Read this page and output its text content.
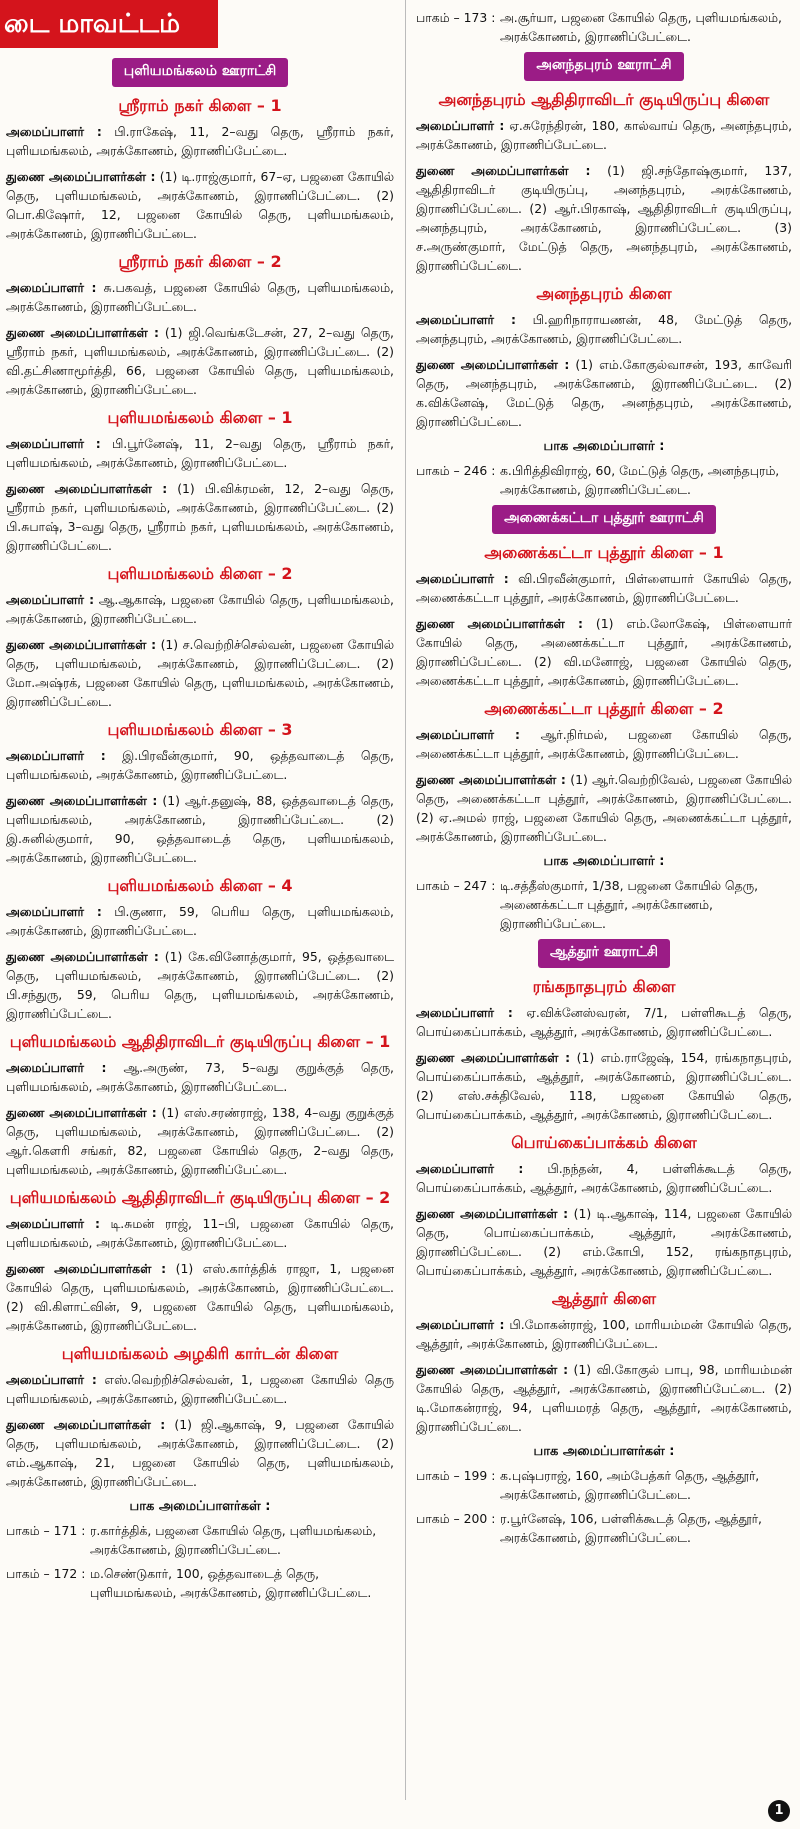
டை மாவட்டம்
புளியமங்கலம் ஊராட்சி
ஸ்ரீராம் நகர் கிளை – 1

அமைப்பாளர் : பி.ராகேஷ், 11, 2–வது தெரு, ஸ்ரீராம் நகர், புளியமங்கலம், அரக்கோணம், இராணிப்பேட்டை.

துணை அமைப்பாளர்கள் : (1) டி.ராஜ்குமார், 67–ஏ, பஜனை கோயில் தெரு, புளியமங்கலம், அரக்கோணம், இராணிப்பேட்டை. (2) பொ.கிஷோர், 12, பஜனை கோயில் தெரு, புளியமங்கலம், அரக்கோணம், இராணிப்பேட்டை.

ஸ்ரீராம் நகர் கிளை – 2

அமைப்பாளர் : சு.பகவத், பஜனை கோயில் தெரு, புளியமங்கலம், அரக்கோணம், இராணிப்பேட்டை.

துணை அமைப்பாளர்கள் : (1) ஜி.வெங்கடேசன், 27, 2–வது தெரு, ஸ்ரீராம் நகர், புளியமங்கலம், அரக்கோணம், இராணிப்பேட்டை. (2) வி.தட்சிணாமூர்த்தி, 66, பஜனை கோயில் தெரு, புளியமங்கலம், அரக்கோணம், இராணிப்பேட்டை.

புளியமங்கலம் கிளை – 1

அமைப்பாளர் : பி.பூர்னேஷ், 11, 2–வது தெரு, ஸ்ரீராம் நகர், புளியமங்கலம், அரக்கோணம், இராணிப்பேட்டை.

துணை அமைப்பாளர்கள் : (1) பி.விக்ரமன், 12, 2–வது தெரு, ஸ்ரீராம் நகர், புளியமங்கலம், அரக்கோணம், இராணிப்பேட்டை. (2) பி.சுபாஷ், 3–வது தெரு, ஸ்ரீராம் நகர், புளியமங்கலம், அரக்கோணம், இராணிப்பேட்டை.

புளியமங்கலம் கிளை – 2

அமைப்பாளர் : ஆ.ஆகாஷ், பஜனை கோயில் தெரு, புளியமங்கலம், அரக்கோணம், இராணிப்பேட்டை.

துணை அமைப்பாளர்கள் : (1) ச.வெற்றிச்செல்வன், பஜனை கோயில் தெரு, புளியமங்கலம், அரக்கோணம், இராணிப்பேட்டை. (2) மோ.அஷ்ரக், பஜனை கோயில் தெரு, புளியமங்கலம், அரக்கோணம், இராணிப்பேட்டை.

புளியமங்கலம் கிளை – 3

அமைப்பாளர் : இ.பிரவீன்குமார், 90, ஒத்தவாடைத் தெரு, புளியமங்கலம், அரக்கோணம், இராணிப்பேட்டை.

துணை அமைப்பாளர்கள் : (1) ஆர்.தனுஷ், 88, ஒத்தவாடைத் தெரு, புளியமங்கலம், அரக்கோணம், இராணிப்பேட்டை. (2) இ.சுனில்குமார், 90, ஒத்தவாடைத் தெரு, புளியமங்கலம், அரக்கோணம், இராணிப்பேட்டை.

புளியமங்கலம் கிளை – 4

அமைப்பாளர் : பி.குணா, 59, பெரிய தெரு, புளியமங்கலம், அரக்கோணம், இராணிப்பேட்டை.

துணை அமைப்பாளர்கள் : (1) கே.வினோத்குமார், 95, ஒத்தவாடை தெரு, புளியமங்கலம், அரக்கோணம், இராணிப்பேட்டை. (2) பி.சந்துரு, 59, பெரிய தெரு, புளியமங்கலம், அரக்கோணம், இராணிப்பேட்டை.

புளியமங்கலம் ஆதிதிராவிடர் குடியிருப்பு கிளை – 1

அமைப்பாளர் : ஆ.அருண், 73, 5–வது குறுக்குத் தெரு, புளியமங்கலம், அரக்கோணம், இராணிப்பேட்டை.

துணை அமைப்பாளர்கள் : (1) எஸ்.சரண்ராஜ், 138, 4–வது குறுக்குத் தெரு, புளியமங்கலம், அரக்கோணம், இராணிப்பேட்டை. (2) ஆர்.கௌரி சங்கர், 82, பஜனை கோயில் தெரு, 2–வது தெரு, புளியமங்கலம், அரக்கோணம், இராணிப்பேட்டை.

புளியமங்கலம் ஆதிதிராவிடர் குடியிருப்பு கிளை – 2

அமைப்பாளர் : டி.சுமன் ராஜ், 11–பி, பஜனை கோயில் தெரு, புளியமங்கலம், அரக்கோணம், இராணிப்பேட்டை.

துணை அமைப்பாளர்கள் : (1) எஸ்.கார்த்திக் ராஜா, 1, பஜனை கோயில் தெரு, புளியமங்கலம், அரக்கோணம், இராணிப்பேட்டை. (2) வி.கிளாட்வின், 9, பஜனை கோயில் தெரு, புளியமங்கலம், அரக்கோணம், இராணிப்பேட்டை.

புளியமங்கலம் அழகிரி கார்டன் கிளை

அமைப்பாளர் : எஸ்.வெற்றிச்செல்வன், 1, பஜனை கோயில் தெரு புளியமங்கலம், அரக்கோணம், இராணிப்பேட்டை.

துணை அமைப்பாளர்கள் : (1) ஜி.ஆகாஷ், 9, பஜனை கோயில் தெரு, புளியமங்கலம், அரக்கோணம், இராணிப்பேட்டை. (2) எம்.ஆகாஷ், 21, பஜனை கோயில் தெரு, புளியமங்கலம், அரக்கோணம், இராணிப்பேட்டை.

பாக அமைப்பாளர்கள் :
பாகம் – 171 : ர.கார்த்திக், பஜனை கோயில் தெரு, புளியமங்கலம், அரக்கோணம், இராணிப்பேட்டை.
பாகம் – 172 : ம.செண்டுகார், 100, ஒத்தவாடைத் தெரு, புளியமங்கலம், அரக்கோணம், இராணிப்பேட்டை.
பாகம் – 173 : அ.சூர்யா, பஜனை கோயில் தெரு, புளியமங்கலம், அரக்கோணம், இராணிப்பேட்டை.
அனந்தபுரம் ஊராட்சி
அனந்தபுரம் ஆதிதிராவிடர் குடியிருப்பு கிளை

அமைப்பாளர் : ஏ.சுரேந்திரன், 180, கால்வாய் தெரு, அனந்தபுரம், அரக்கோணம், இராணிப்பேட்டை.

துணை அமைப்பாளர்கள் : (1) ஜி.சந்தோஷ்குமார், 137, ஆதிதிராவிடர் குடியிருப்பு, அனந்தபுரம், அரக்கோணம், இராணிப்பேட்டை. (2) ஆர்.பிரகாஷ், ஆதிதிராவிடர் குடியிருப்பு, அனந்தபுரம், அரக்கோணம், இராணிப்பேட்டை. (3) ச.அருண்குமார், மேட்டுத் தெரு, அனந்தபுரம், அரக்கோணம், இராணிப்பேட்டை.

அனந்தபுரம் கிளை

அமைப்பாளர் : பி.ஹரிநாராயணன், 48, மேட்டுத் தெரு, அனந்தபுரம், அரக்கோணம், இராணிப்பேட்டை.

துணை அமைப்பாளர்கள் : (1) எம்.கோகுல்வாசன், 193, காவேரி தெரு, அனந்தபுரம், அரக்கோணம், இராணிப்பேட்டை. (2) க.விக்னேஷ், மேட்டுத் தெரு, அனந்தபுரம், அரக்கோணம், இராணிப்பேட்டை.

பாக அமைப்பாளர் :
பாகம் – 246 : க.பிரித்திவிராஜ், 60, மேட்டுத் தெரு, அனந்தபுரம், அரக்கோணம், இராணிப்பேட்டை.
அணைக்கட்டா புத்தூர் ஊராட்சி
அணைக்கட்டா புத்தூர் கிளை – 1

அமைப்பாளர் : வி.பிரவீன்குமார், பிள்ளையார் கோயில் தெரு, அணைக்கட்டா புத்தூர், அரக்கோணம், இராணிப்பேட்டை.

துணை அமைப்பாளர்கள் : (1) எம்.லோகேஷ், பிள்ளையார் கோயில் தெரு, அணைக்கட்டா புத்தூர், அரக்கோணம், இராணிப்பேட்டை. (2) வி.மனோஜ், பஜனை கோயில் தெரு, அணைக்கட்டா புத்தூர், அரக்கோணம், இராணிப்பேட்டை.

அணைக்கட்டா புத்தூர் கிளை – 2

அமைப்பாளர் : ஆர்.நிர்மல், பஜனை கோயில் தெரு, அணைக்கட்டா புத்தூர், அரக்கோணம், இராணிப்பேட்டை.

துணை அமைப்பாளர்கள் : (1) ஆர்.வெற்றிவேல், பஜனை கோயில் தெரு, அணைக்கட்டா புத்தூர், அரக்கோணம், இராணிப்பேட்டை. (2) ஏ.அமல் ராஜ், பஜனை கோயில் தெரு, அணைக்கட்டா புத்தூர், அரக்கோணம், இராணிப்பேட்டை.

பாக அமைப்பாளர் :
பாகம் – 247 : டி.சத்தீஸ்குமார், 1/38, பஜனை கோயில் தெரு, அணைக்கட்டா புத்தூர், அரக்கோணம், இராணிப்பேட்டை.
ஆத்தூர் ஊராட்சி
ரங்கநாதபுரம் கிளை

அமைப்பாளர் : ஏ.விக்னேஸ்வரன், 7/1, பள்ளிகூடத் தெரு, பொய்கைப்பாக்கம், ஆத்தூர், அரக்கோணம், இராணிப்பேட்டை.

துணை அமைப்பாளர்கள் : (1) எம்.ராஜேஷ், 154, ரங்கநாதபுரம், பொய்கைப்பாக்கம், ஆத்தூர், அரக்கோணம், இராணிப்பேட்டை. (2) எஸ்.சக்திவேல், 118, பஜனை கோயில் தெரு, பொய்கைப்பாக்கம், ஆத்தூர், அரக்கோணம், இராணிப்பேட்டை.

பொய்கைப்பாக்கம் கிளை

அமைப்பாளர் : பி.நந்தன், 4, பள்ளிக்கூடத் தெரு, பொய்கைப்பாக்கம், ஆத்தூர், அரக்கோணம், இராணிப்பேட்டை.

துணை அமைப்பாளர்கள் : (1) டி.ஆகாஷ், 114, பஜனை கோயில் தெரு, பொய்கைப்பாக்கம், ஆத்தூர், அரக்கோணம், இராணிப்பேட்டை. (2) எம்.கோபி, 152, ரங்கநாதபுரம், பொய்கைப்பாக்கம், ஆத்தூர், அரக்கோணம், இராணிப்பேட்டை.

ஆத்தூர் கிளை

அமைப்பாளர் : பி.மோகன்ராஜ், 100, மாரியம்மன் கோயில் தெரு, ஆத்தூர், அரக்கோணம், இராணிப்பேட்டை.

துணை அமைப்பாளர்கள் : (1) வி.கோகுல் பாபு, 98, மாரியம்மன் கோயில் தெரு, ஆத்தூர், அரக்கோணம், இராணிப்பேட்டை. (2) டி.மோகன்ராஜ், 94, புளியமரத் தெரு, ஆத்தூர், அரக்கோணம், இராணிப்பேட்டை.

பாக அமைப்பாளர்கள் :
பாகம் – 199 : க.புஷ்பராஜ், 160, அம்பேத்கர் தெரு, ஆத்தூர், அரக்கோணம், இராணிப்பேட்டை.
பாகம் – 200 : ர.பூர்னேஷ், 106, பள்ளிக்கூடத் தெரு, ஆத்தூர், அரக்கோணம், இராணிப்பேட்டை.
1
